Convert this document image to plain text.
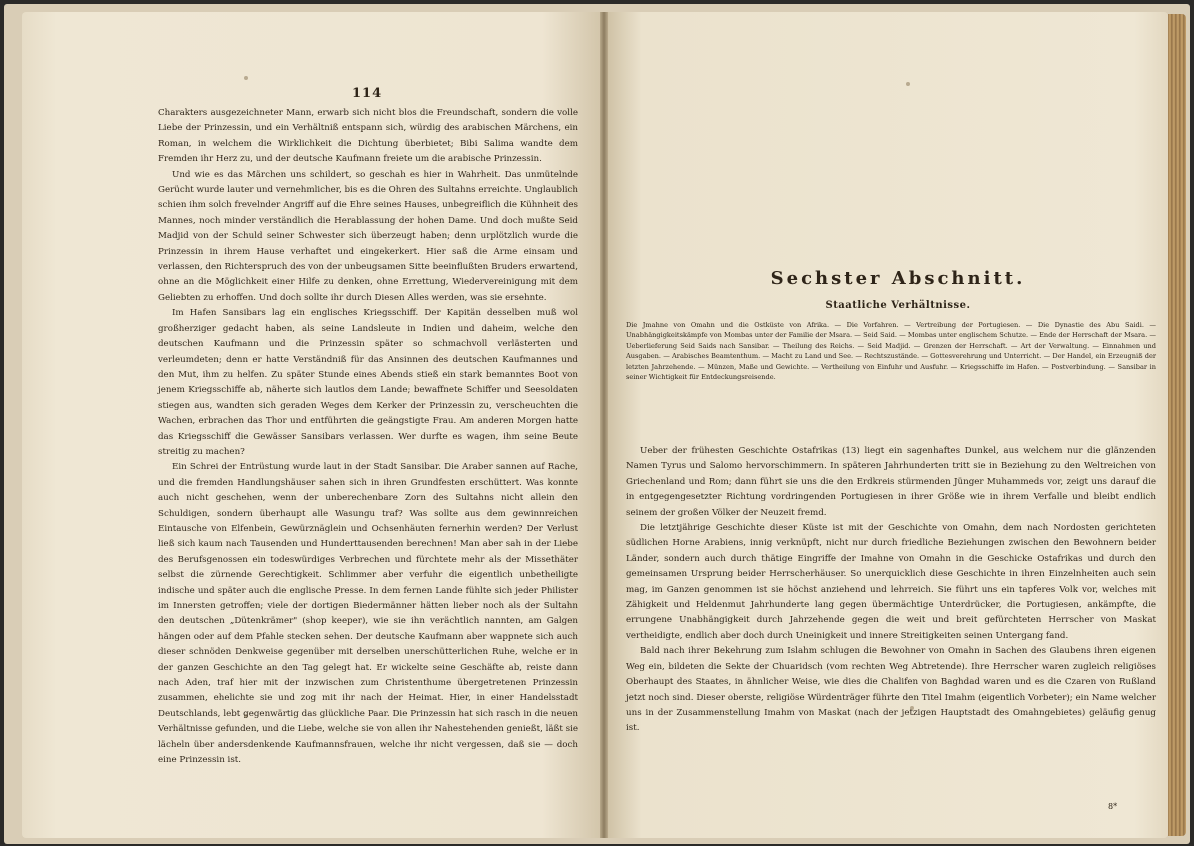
114

Charakters ausgezeichneter Mann, erwarb sich nicht blos die Freundschaft, sondern die volle Liebe der Prinzessin, und ein Verhältniß entspann sich, würdig des arabischen Märchens, ein Roman, in welchem die Wirklichkeit die Dichtung überbietet; Bibi Salima wandte dem Fremden ihr Herz zu, und der deutsche Kaufmann freiete um die arabische Prinzessin.

Und wie es das Märchen uns schildert, so geschah es hier in Wahrheit. Das unmütelnde Gerücht wurde lauter und vernehmlicher, bis es die Ohren des Sultahns erreichte. Unglaublich schien ihm solch frevelnder Angriff auf die Ehre seines Hauses, unbegreiflich die Kühnheit des Mannes, noch minder verständlich die Herablassung der hohen Dame. Und doch mußte Seid Madjid von der Schuld seiner Schwester sich überzeugt haben; denn urplötzlich wurde die Prinzessin in ihrem Hause verhaftet und eingekerkert. Hier saß die Arme einsam und verlassen, den Richterspruch des von der unbeugsamen Sitte beeinflußten Bruders erwartend, ohne an die Möglichkeit einer Hilfe zu denken, ohne Errettung, Wiedervereinigung mit dem Geliebten zu erhoffen. Und doch sollte ihr durch Diesen Alles werden, was sie ersehnte.

Im Hafen Sansibars lag ein englisches Kriegsschiff. Der Kapitän desselben muß wol großherziger gedacht haben, als seine Landsleute in Indien und daheim, welche den deutschen Kaufmann und die Prinzessin später so schmachvoll verlästerten und verleumdeten; denn er hatte Verständniß für das Ansinnen des deutschen Kaufmannes und den Mut, ihm zu helfen. Zu später Stunde eines Abends stieß ein stark bemanntes Boot von jenem Kriegsschiffe ab, näherte sich lautlos dem Lande; bewaffnete Schiffer und Seesoldaten stiegen aus, wandten sich geraden Weges dem Kerker der Prinzessin zu, verscheuchten die Wachen, erbrachen das Thor und entführten die geängstigte Frau. Am anderen Morgen hatte das Kriegsschiff die Gewässer Sansibars verlassen. Wer durfte es wagen, ihm seine Beute streitig zu machen?

Ein Schrei der Entrüstung wurde laut in der Stadt Sansibar. Die Araber sannen auf Rache, und die fremden Handlungshäuser sahen sich in ihren Grundfesten erschüttert. Was konnte auch nicht geschehen, wenn der unberechenbare Zorn des Sultahns nicht allein den Schuldigen, sondern überhaupt alle Wasungu traf? Was sollte aus dem gewinnreichen Eintausche von Elfenbein, Gewürznäglein und Ochsenhäuten fernerhin werden? Der Verlust ließ sich kaum nach Tausenden und Hunderttausenden berechnen! Man aber sah in der Liebe des Berufsgenossen ein todeswürdiges Verbrechen und fürchtete mehr als der Missethäter selbst die zürnende Gerechtigkeit. Schlimmer aber verfuhr die eigentlich unbetheiligte indische und später auch die englische Presse. In dem fernen Lande fühlte sich jeder Philister im Innersten getroffen; viele der dortigen Biedermänner hätten lieber noch als der Sultahn den deutschen „Dütenkrämer" (shop keeper), wie sie ihn verächtlich nannten, am Galgen hängen oder auf dem Pfahle stecken sehen. Der deutsche Kaufmann aber wappnete sich auch dieser schnöden Denkweise gegenüber mit derselben unerschütterlichen Ruhe, welche er in der ganzen Geschichte an den Tag gelegt hat. Er wickelte seine Geschäfte ab, reiste dann nach Aden, traf hier mit der inzwischen zum Christenthume übergetretenen Prinzessin zusammen, ehelichte sie und zog mit ihr nach der Heimat. Hier, in einer Handelsstadt Deutschlands, lebt gegenwärtig das glückliche Paar. Die Prinzessin hat sich rasch in die neuen Verhältnisse gefunden, und die Liebe, welche sie von allen ihr Nahestehenden genießt, läßt sie lächeln über andersdenkende Kaufmannsfrauen, welche ihr nicht vergessen, daß sie — doch eine Prinzessin ist.

Sechster Abschnitt.
Staatliche Verhältnisse.
Die Jmahne von Omahn und die Ostküste von Afrika. — Die Vorfahren. — Vertreibung der Portugiesen. — Die Dynastie des Abu Saidi. — Unabhängigkeitskämpfe von Mombas unter der Familie der Msara. — Seid Said. — Mombas unter englischem Schutze. — Ende der Herrschaft der Msara. — Ueberlieferung Seid Saids nach Sansibar. — Theilung des Reichs. — Seid Madjid. — Grenzen der Herrschaft. — Art der Verwaltung. — Einnahmen und Ausgaben. — Arabisches Beamtenthum. — Macht zu Land und See. — Rechtszustände. — Gottesverehrung und Unterricht. — Der Handel, ein Erzeugniß der letzten Jahrzehende. — Münzen, Maße und Gewichte. — Vertheilung von Einfuhr und Ausfuhr. — Kriegsschiffe im Hafen. — Postverbindung. — Sansibar in seiner Wichtigkeit für Entdeckungsreisende.

Ueber der frühesten Geschichte Ostafrikas (13) liegt ein sagenhaftes Dunkel, aus welchem nur die glänzenden Namen Tyrus und Salomo hervorschimmern. In späteren Jahrhunderten tritt sie in Beziehung zu den Weltreichen von Griechenland und Rom; dann führt sie uns die den Erdkreis stürmenden Jünger Muhammeds vor, zeigt uns darauf die in entgegengesetzter Richtung vordringenden Portugiesen in ihrer Größe wie in ihrem Verfalle und bleibt endlich seinem der großen Völker der Neuzeit fremd.

Die letztjährige Geschichte dieser Küste ist mit der Geschichte von Omahn, dem nach Nordosten gerichteten südlichen Horne Arabiens, innig verknüpft, nicht nur durch friedliche Beziehungen zwischen den Bewohnern beider Länder, sondern auch durch thätige Eingriffe der Imahne von Omahn in die Geschicke Ostafrikas und durch den gemeinsamen Ursprung beider Herrscherhäuser. So unerquicklich diese Geschichte in ihren Einzelnheiten auch sein mag, im Ganzen genommen ist sie höchst anziehend und lehrreich. Sie führt uns ein tapferes Volk vor, welches mit Zähigkeit und Heldenmut Jahrhunderte lang gegen übermächtige Unterdrücker, die Portugiesen, ankämpfte, die errungene Unabhängigkeit durch Jahrzehende gegen die weit und breit gefürchteten Herrscher von Maskat vertheidigte, endlich aber doch durch Uneinigkeit und innere Streitigkeiten seinen Untergang fand.

Bald nach ihrer Bekehrung zum Islahm schlugen die Bewohner von Omahn in Sachen des Glaubens ihren eigenen Weg ein, bildeten die Sekte der Chuaridsch (vom rechten Weg Abtretende). Ihre Herrscher waren zugleich religiöses Oberhaupt des Staates, in ähnlicher Weise, wie dies die Chalifen von Baghdad waren und es die Czaren von Rußland jetzt noch sind. Dieser oberste, religiöse Würdenträger führte den Titel Imahm (eigentlich Vorbeter); ein Name welcher uns in der Zusammenstellung Imahm von Maskat (nach der jetzigen Hauptstadt des Omahngebietes) geläufig genug ist.

8*
